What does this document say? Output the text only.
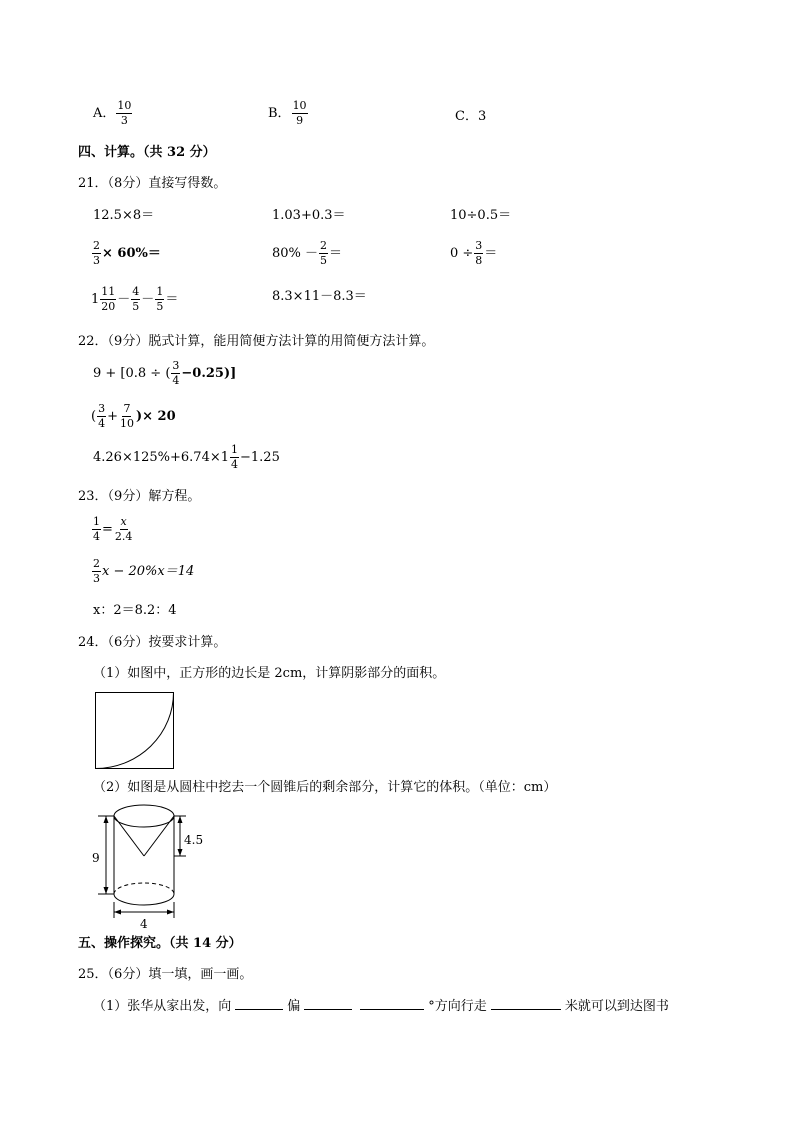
A． $\frac{10}{3}$	B． $\frac{10}{9}$	C．3
四、计算。（共 32 分）
21．（8分）直接写得数。
12.5×8＝	1.03+0.3＝	10÷0.5＝
$\frac{2}{3} \times 60\%=$	$80\% - \frac{2}{5}$ ＝	$0 \div \frac{3}{8}$ ＝
$1 \frac{11}{20} - \frac{4}{5} - \frac{1}{5}$ ＝	8.3×11－8.3＝
22．（9分）脱式计算，能用简便方法计算的用简便方法计算。
9 + [0.8 ÷ ( $\frac{3}{4} -0.25$)]
( $\frac{3}{4} + \frac{7}{10}$ )× 20
$4.26\times 125\%+6.74\times 1 \frac{1}{4} -1.25$
23．（9分）解方程。
$\frac{1}{4} = \frac{x}{2.4}$
$\frac{2}{3}$ x − 20%x＝14
x：2＝8.2：4
24．（6分）按要求计算。
（1）如图中，正方形的边长是 2cm，计算阴影部分的面积。
（2）如图是从圆柱中挖去一个圆锥后的剩余部分，计算它的体积。（单位：cm）
9
4.5
4
五、操作探究。（共 14 分）
25．（6分）填一填，画一画。
（1）张华从家出发，向	偏	°方向行走	米就可以到达图书
